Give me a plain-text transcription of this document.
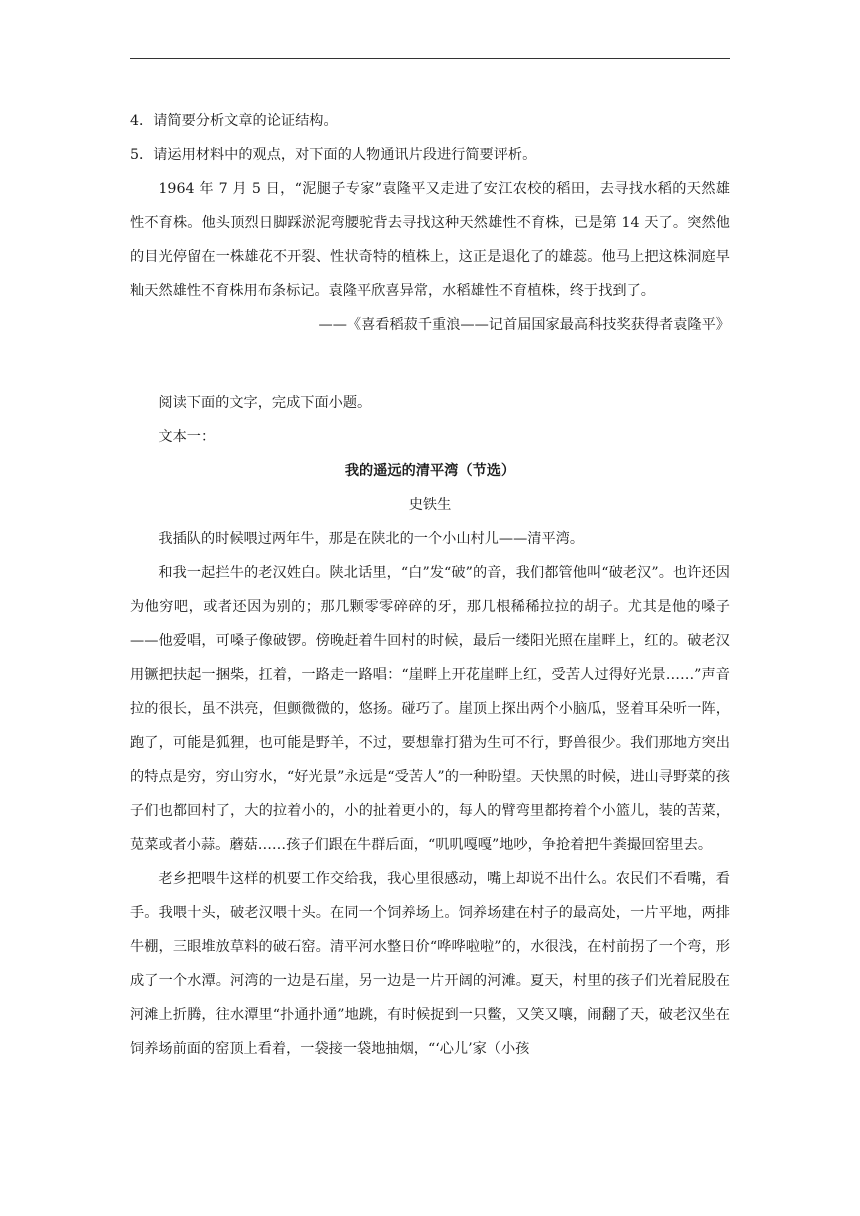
4．请简要分析文章的论证结构。

5．请运用材料中的观点，对下面的人物通讯片段进行简要评析。

1964 年 7 月 5 日，“泥腿子专家”袁隆平又走进了安江农校的稻田，去寻找水稻的天然雄性不育株。他头顶烈日脚踩淤泥弯腰驼背去寻找这种天然雄性不育株，已是第 14 天了。突然他的目光停留在一株雄花不开裂、性状奇特的植株上，这正是退化了的雄蕊。他马上把这株洞庭早籼天然雄性不育株用布条标记。袁隆平欣喜异常，水稻雄性不育植株，终于找到了。

——《喜看稻菽千重浪——记首届国家最高科技奖获得者袁隆平》

阅读下面的文字，完成下面小题。

文本一：

我的遥远的清平湾（节选）

史铁生

我插队的时候喂过两年牛，那是在陕北的一个小山村儿——清平湾。

和我一起拦牛的老汉姓白。陕北话里，“白”发“破”的音，我们都管他叫“破老汉”。也许还因为他穷吧，或者还因为别的；那几颗零零碎碎的牙，那几根稀稀拉拉的胡子。尤其是他的嗓子——他爱唱，可嗓子像破锣。傍晚赶着牛回村的时候，最后一缕阳光照在崖畔上，红的。破老汉用镢把扶起一捆柴，扛着，一路走一路唱：“崖畔上开花崖畔上红，受苦人过得好光景……”声音拉的很长，虽不洪亮，但颤微微的，悠扬。碰巧了。崖顶上探出两个小脑瓜，竖着耳朵听一阵，跑了，可能是狐狸，也可能是野羊，不过，要想靠打猎为生可不行，野兽很少。我们那地方突出的特点是穷，穷山穷水，“好光景”永远是“受苦人”的一种盼望。天快黑的时候，进山寻野菜的孩子们也都回村了，大的拉着小的，小的扯着更小的，每人的臂弯里都挎着个小篮儿，装的苦菜，苋菜或者小蒜。蘑菇……孩子们跟在牛群后面，“叽叽嘎嘎”地吵，争抢着把牛粪撮回窑里去。

老乡把喂牛这样的机要工作交给我，我心里很感动，嘴上却说不出什么。农民们不看嘴，看手。我喂十头，破老汉喂十头。在同一个饲养场上。饲养场建在村子的最高处，一片平地，两排牛棚，三眼堆放草料的破石窑。清平河水整日价“哗哗啦啦”的，水很浅，在村前拐了一个弯，形成了一个水潭。河湾的一边是石崖，另一边是一片开阔的河滩。夏天，村里的孩子们光着屁股在河滩上折腾，往水潭里“扑通扑通”地跳，有时候捉到一只鳖，又笑又嚷，闹翻了天，破老汉坐在饲养场前面的窑顶上看着，一袋接一袋地抽烟，“‘心儿’家（小孩
